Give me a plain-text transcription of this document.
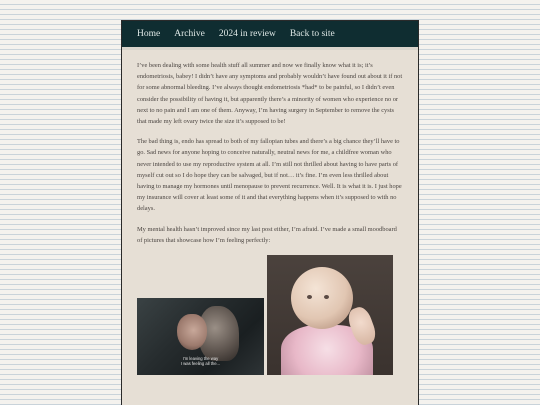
Home Archive 2024 in review Back to site

I’ve been dealing with some health stuff all summer and now we finally know what it is; it’s endometriosis, babey! I didn’t have any symptoms and probably wouldn’t have found out about it if not for some abnormal bleeding. I’ve always thought endometriosis *had* to be painful, so I didn’t even consider the possibility of having it, but apparently there’s a minority of women who experience no or next to no pain and I am one of them. Anyway, I’m having surgery in September to remove the cysts that made my left ovary twice the size it’s supposed to be!

The bad thing is, endo has spread to both of my fallopian tubes and there’s a big chance they’ll have to go. Sad news for anyone hoping to conceive naturally, neutral news for me, a childfree woman who never intended to use my reproductive system at all. I’m still not thrilled about having to have parts of myself cut out so I do hope they can be salvaged, but if not… it’s fine. I’m even less thrilled about having to manage my hormones until menopause to prevent recurrence. Well. It is what it is. I just hope my insurance will cover at least some of it and that everything happens when it’s supposed to with no delays.

My mental health hasn’t improved since my last post either, I’m afraid. I’ve made a small moodboard of pictures that showcase how I’m feeling perfectly:

I'm leaving the way
I was feeling all the...
